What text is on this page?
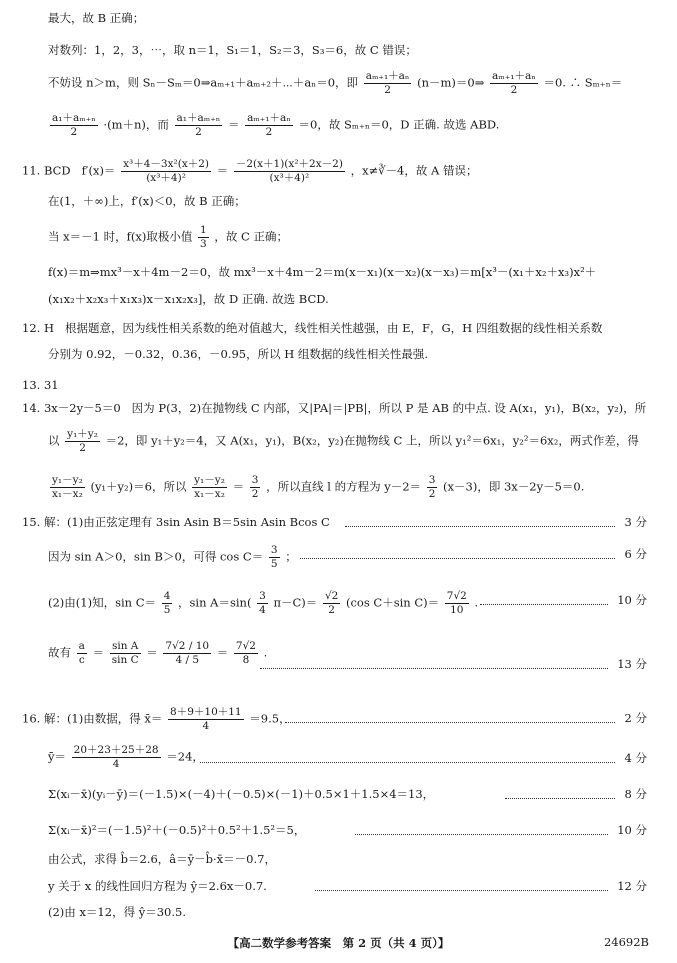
最大，故 B 正确；
对数列：1，2，3，⋯，取 n＝1，S₁＝1，S₂＝3，S₃＝6，故 C 错误；
不妨设 n＞m，则 Sₙ－Sₘ＝0⇒aₘ₊₁＋aₘ₊₂＋⋯＋aₙ＝0，即 $\frac{\text{aₘ₊₁＋aₙ}}{2}$ (n－m)＝0⇒ $\frac{\text{aₘ₊₁＋aₙ}}{2} =0$. ∴ Sₘ₊ₙ＝
$\frac{\text{a₁＋aₘ₊ₙ}}{2} \cdot(m+n)$，而 $\frac{\text{a₁＋aₘ₊ₙ}}{2} = \frac{\text{aₘ₊₁＋aₙ}}{2} =0$，故 Sₘ₊ₙ＝0，D 正确. 故选 ABD.
11. BCD $f'(x)= \frac{\text{x³＋4－3x²(x＋2)}}{\text{(x³＋4)²}} = \frac{\text{－2(x＋1)(x²＋2x－2)}}{\text{(x³＋4)²}}$ ，x≠∛－4，故 A 错误；
在(1，＋∞)上，f′(x)＜0，故 B 正确；
当 x＝－1 时，f(x)取极小值 $\frac{1}{3}$ ，故 C 正确；
f(x)＝m⇒mx³－x＋4m－2＝0，故 mx³－x＋4m－2＝m(x－x₁)(x－x₂)(x－x₃)＝m[x³－(x₁＋x₂＋x₃)x²＋
(x₁x₂＋x₂x₃＋x₁x₃)x－x₁x₂x₃]，故 D 正确. 故选 BCD.
12. H 根据题意，因为线性相关系数的绝对值越大，线性相关性越强，由 E，F，G，H 四组数据的线性相关系数
分别为 0.92，－0.32，0.36，－0.95，所以 H 组数据的线性相关性最强.
13. 31
14. 3x－2y－5＝0 因为 P(3，2)在抛物线 C 内部，又|PA|＝|PB|，所以 P 是 AB 的中点. 设 A(x₁，y₁)，B(x₂，y₂)，所
以 $\frac{\text{y₁＋y₂}}{2} =2$，即 y₁＋y₂＝4，又 A(x₁，y₁)，B(x₂，y₂)在抛物线 C 上，所以 y₁²＝6x₁，y₂²＝6x₂，两式作差，得
$\frac{\text{y₁－y₂}}{\text{x₁－x₂}} (y_1+y_2)=6$，所以 $\frac{\text{y₁－y₂}}{\text{x₁－x₂}} = \frac{3}{2}$ ，所以直线 l 的方程为 $y-2= \frac{3}{2} (x-3)$，即 3x－2y－5＝0.
15. 解：(1)由正弦定理有 3sin Asin B＝5sin Asin Bcos C	3 分
因为 sin A＞0，sin B＞0，可得 $\cos C= \frac{3}{5}$ ；	6 分
(2)由(1)知，$\sin C= \frac{4}{5}$ ，$\sin A=\sin( \frac{3}{4} \pi-C)= \frac{√2}{2} (\cos$ C＋sin $C)= \frac{7√2}{10}$ .	10 分
故有 $\frac{a}{c} = \frac{\text{sin A}}{\text{sin C}} = \frac{7√2 / 10}{4 / 5} = \frac{7√2}{8}$ .
13 分
16. 解：(1)由数据，得 x̄＝ $\frac{8+9+10+11}{4} =9.5$，	2 分
ȳ＝ $\frac{20+23+25+28}{4} =24$，	4 分
Σ(xᵢ－x̄)(yᵢ－ȳ)＝(－1.5)×(－4)＋(－0.5)×(－1)＋0.5×1＋1.5×4＝13，	8 分
Σ(xᵢ－x̄)²＝(－1.5)²＋(－0.5)²＋0.5²＋1.5²＝5，	10 分
由公式，求得 b̂＝2.6，â＝ȳ－b̂·x̄＝－0.7，
y 关于 x 的线性回归方程为 ŷ＝2.6x－0.7.	12 分
(2)由 x＝12，得 ŷ＝30.5.
【高二数学参考答案　第 2 页（共 4 页）】	24692B
